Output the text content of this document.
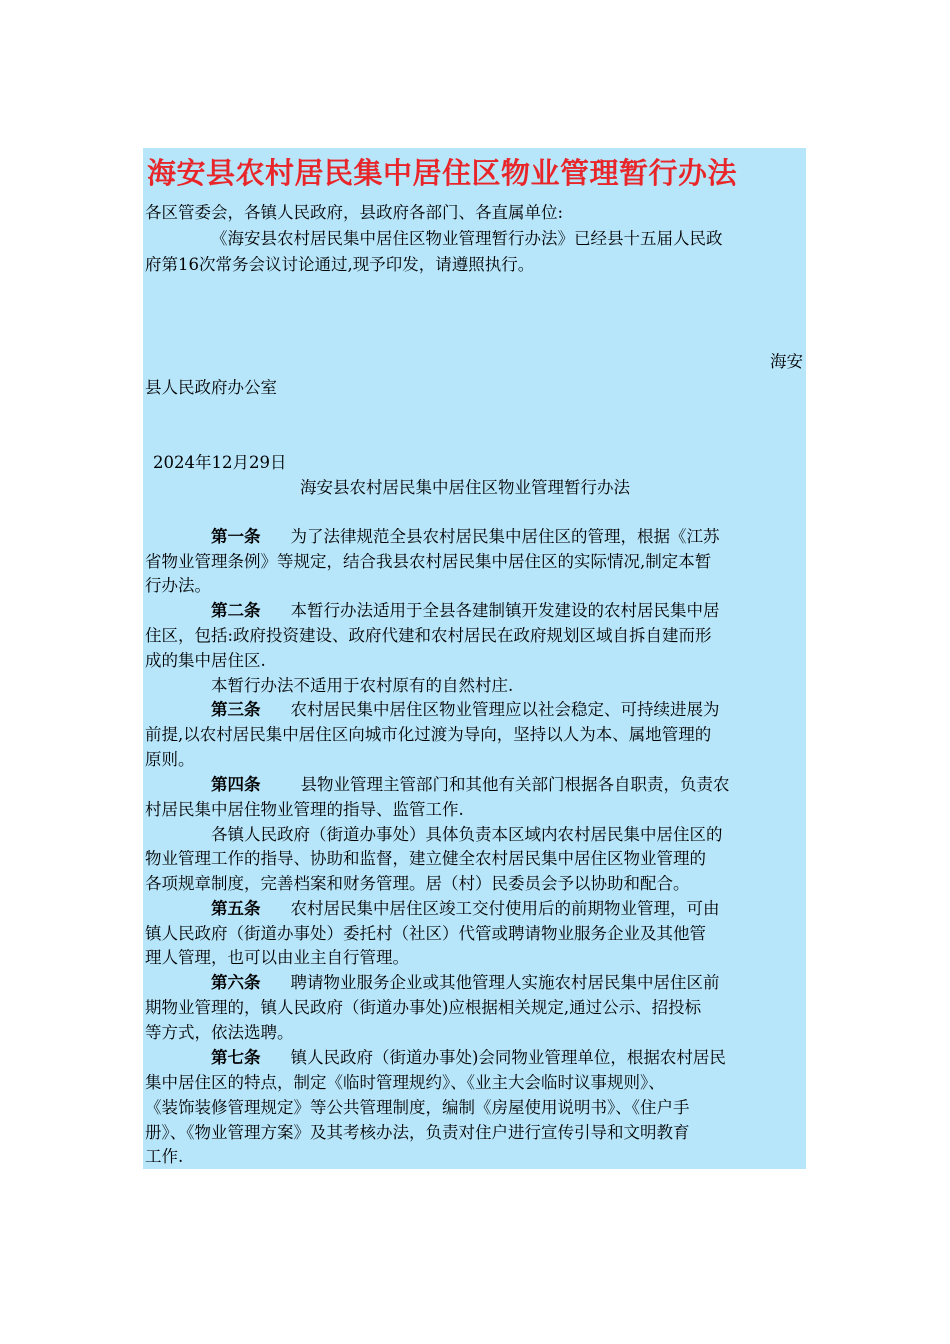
海安县农村居民集中居住区物业管理暂行办法
各区管委会，各镇人民政府，县政府各部门、各直属单位:
《海安县农村居民集中居住区物业管理暂行办法》已经县十五届人民政
府第16次常务会议讨论通过,现予印发，请遵照执行。
海安
县人民政府办公室
2024年12月29日
海安县农村居民集中居住区物业管理暂行办法
第一条 为了法律规范全县农村居民集中居住区的管理，根据《江苏
省物业管理条例》等规定，结合我县农村居民集中居住区的实际情况,制定本暂
行办法。
第二条 本暂行办法适用于全县各建制镇开发建设的农村居民集中居
住区，包括:政府投资建设、政府代建和农村居民在政府规划区域自拆自建而形
成的集中居住区.
本暂行办法不适用于农村原有的自然村庄.
第三条 农村居民集中居住区物业管理应以社会稳定、可持续进展为
前提,以农村居民集中居住区向城市化过渡为导向，坚持以人为本、属地管理的
原则。
第四条 县物业管理主管部门和其他有关部门根据各自职责，负责农
村居民集中居住物业管理的指导、监管工作.
各镇人民政府（街道办事处）具体负责本区域内农村居民集中居住区的
物业管理工作的指导、协助和监督，建立健全农村居民集中居住区物业管理的
各项规章制度，完善档案和财务管理。居（村）民委员会予以协助和配合。
第五条 农村居民集中居住区竣工交付使用后的前期物业管理，可由
镇人民政府（街道办事处）委托村（社区）代管或聘请物业服务企业及其他管
理人管理，也可以由业主自行管理。
第六条 聘请物业服务企业或其他管理人实施农村居民集中居住区前
期物业管理的，镇人民政府（街道办事处)应根据相关规定,通过公示、招投标
等方式，依法选聘。
第七条 镇人民政府（街道办事处)会同物业管理单位，根据农村居民
集中居住区的特点，制定《临时管理规约》、《业主大会临时议事规则》、
《装饰装修管理规定》等公共管理制度，编制《房屋使用说明书》、《住户手
册》、《物业管理方案》及其考核办法，负责对住户进行宣传引导和文明教育
工作.
